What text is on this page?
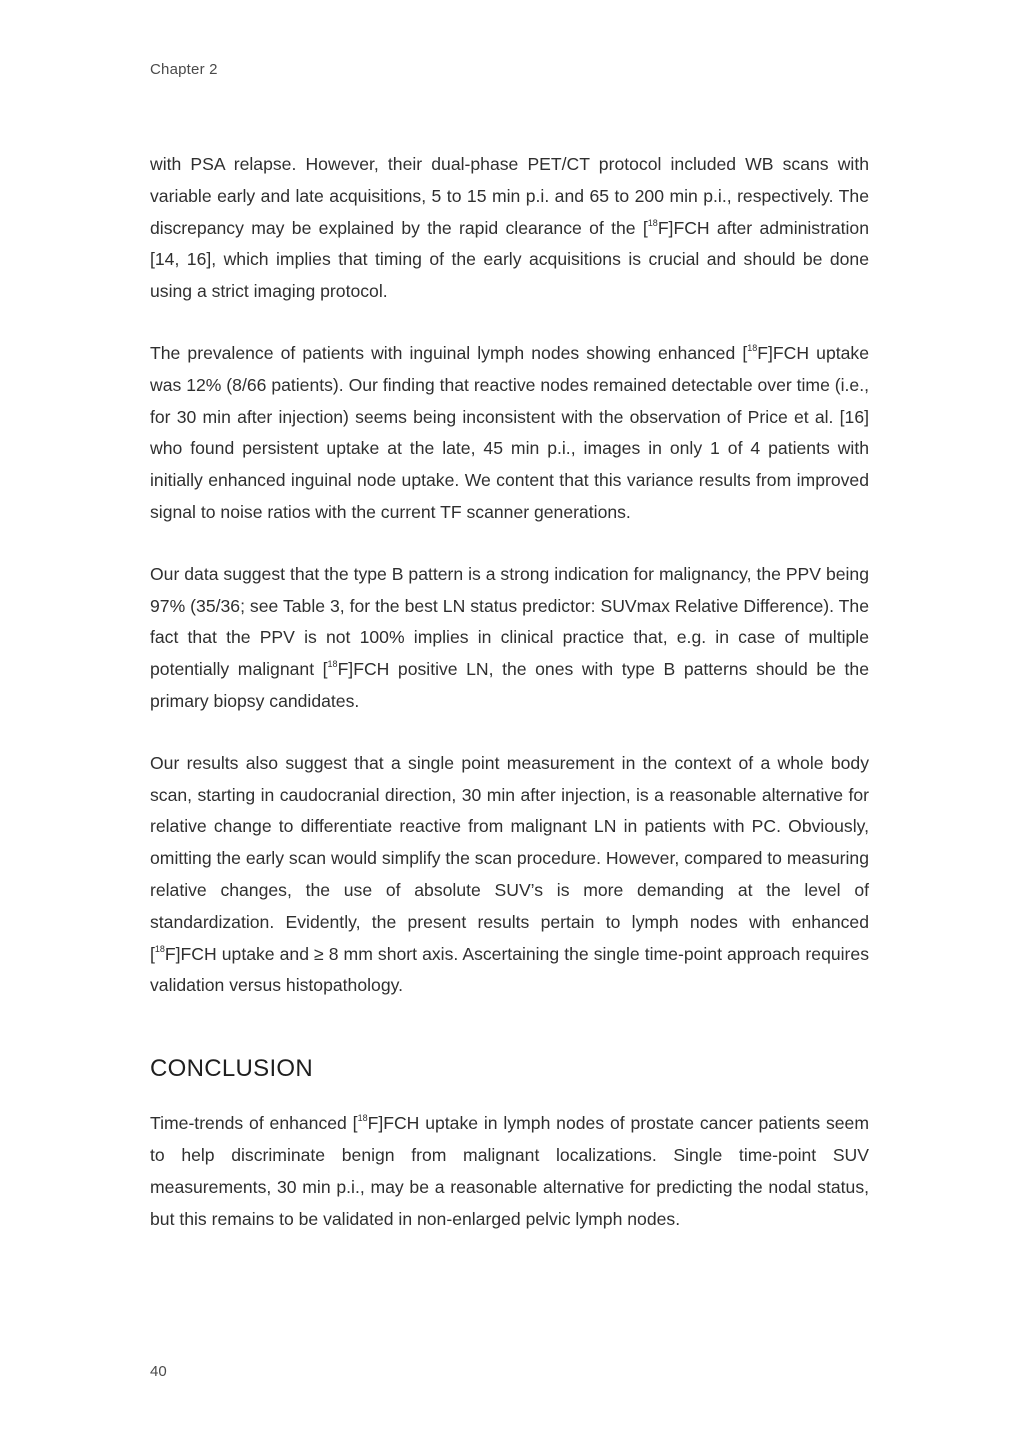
Chapter 2

with PSA relapse. However, their dual-phase PET/CT protocol included WB scans with variable early and late acquisitions, 5 to 15 min p.i. and 65 to 200 min p.i., respectively. The discrepancy may be explained by the rapid clearance of the [$^{18}$F]FCH after administration [14, 16], which implies that timing of the early acquisitions is crucial and should be done using a strict imaging protocol.

The prevalence of patients with inguinal lymph nodes showing enhanced [$^{18}$F]FCH uptake was 12% (8/66 patients). Our finding that reactive nodes remained detectable over time (i.e., for 30 min after injection) seems being inconsistent with the observation of Price et al. [16] who found persistent uptake at the late, 45 min p.i., images in only 1 of 4 patients with initially enhanced inguinal node uptake. We content that this variance results from improved signal to noise ratios with the current TF scanner generations.

Our data suggest that the type B pattern is a strong indication for malignancy, the PPV being 97% (35/36; see Table 3, for the best LN status predictor: SUVmax Relative Difference). The fact that the PPV is not 100% implies in clinical practice that, e.g. in case of multiple potentially malignant [$^{18}$F]FCH positive LN, the ones with type B patterns should be the primary biopsy candidates.

Our results also suggest that a single point measurement in the context of a whole body scan, starting in caudocranial direction, 30 min after injection, is a reasonable alternative for relative change to differentiate reactive from malignant LN in patients with PC. Obviously, omitting the early scan would simplify the scan procedure. However, compared to measuring relative changes, the use of absolute SUV’s is more demanding at the level of standardization. Evidently, the present results pertain to lymph nodes with enhanced [$^{18}$F]FCH uptake and ≥ 8 mm short axis. Ascertaining the single time-point approach requires validation versus histopathology.

CONCLUSION

Time-trends of enhanced [$^{18}$F]FCH uptake in lymph nodes of prostate cancer patients seem to help discriminate benign from malignant localizations. Single time-point SUV measurements, 30 min p.i., may be a reasonable alternative for predicting the nodal status, but this remains to be validated in non-enlarged pelvic lymph nodes.

40
